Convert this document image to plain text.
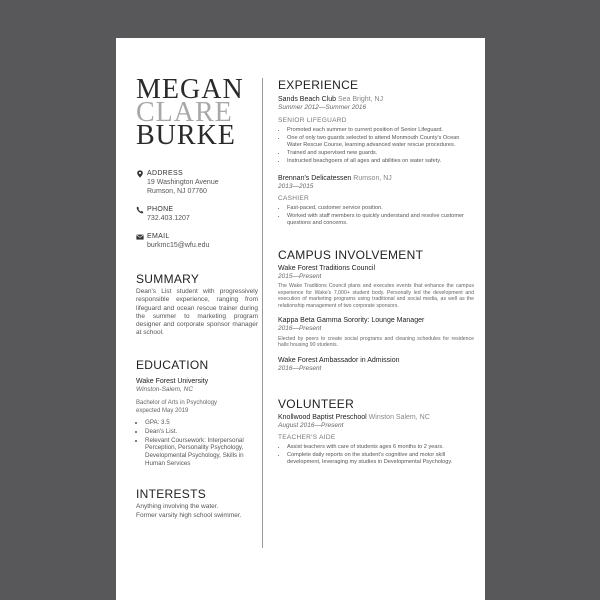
MEGAN
CLARE
BURKE
ADDRESS
19 Washington Avenue
Rumson, NJ 07760
PHONE
732.403.1207
EMAIL
burkmc15@wfu.edu
SUMMARY
Dean's List student with progressively responsible experience, ranging from lifeguard and ocean rescue trainer during the summer to marketing program designer and corporate sponsor manager at school.
EDUCATION
Wake Forest University
Winston-Salem, NC
Bachelor of Arts in Psychology
expected May 2019
• GPA: 3.5
• Dean's List.
• Relevant Coursework: Interpersonal Perception, Personality Psychology, Developmental Psychology, Skills in Human Services
INTERESTS
Anything involving the water.
Former varsity high school swimmer.
EXPERIENCE
Sands Beach Club Sea Bright, NJ
Summer 2012—Summer 2016
SENIOR LIFEGUARD
• Promoted each summer to current position of Senior Lifeguard.
• One of only two guards selected to attend Monmouth County's Ocean Water Rescue Course, learning advanced water rescue procedures.
• Trained and supervised new guards.
• Instructed beachgoers of all ages and abilities on water safety.
Brennan's Delicatessen Rumson, NJ
2013—2015
CASHIER
• Fast-paced, customer service position.
• Worked with staff members to quickly understand and resolve customer questions and concerns.
CAMPUS INVOLVEMENT
Wake Forest Traditions Council
2015—Present
The Wake Traditions Council plans and executes events that enhance the campus experience for Wake's 7,000+ student body. Personally led the development and execution of marketing programs using traditional and social media, as well as the relationship management of two corporate sponsors.
Kappa Beta Gamma Sorority: Lounge Manager
2016—Present
Elected by peers to create social programs and cleaning schedules for residence halls housing 90 students.
Wake Forest Ambassador in Admission
2016—Present
VOLUNTEER
Knollwood Baptist Preschool Winston Salem, NC
August 2016—Present
TEACHER'S AIDE
• Assist teachers with care of students ages 6 months to 2 years.
• Complete daily reports on the student's cognitive and motor skill development, leveraging my studies in Developmental Psychology.
